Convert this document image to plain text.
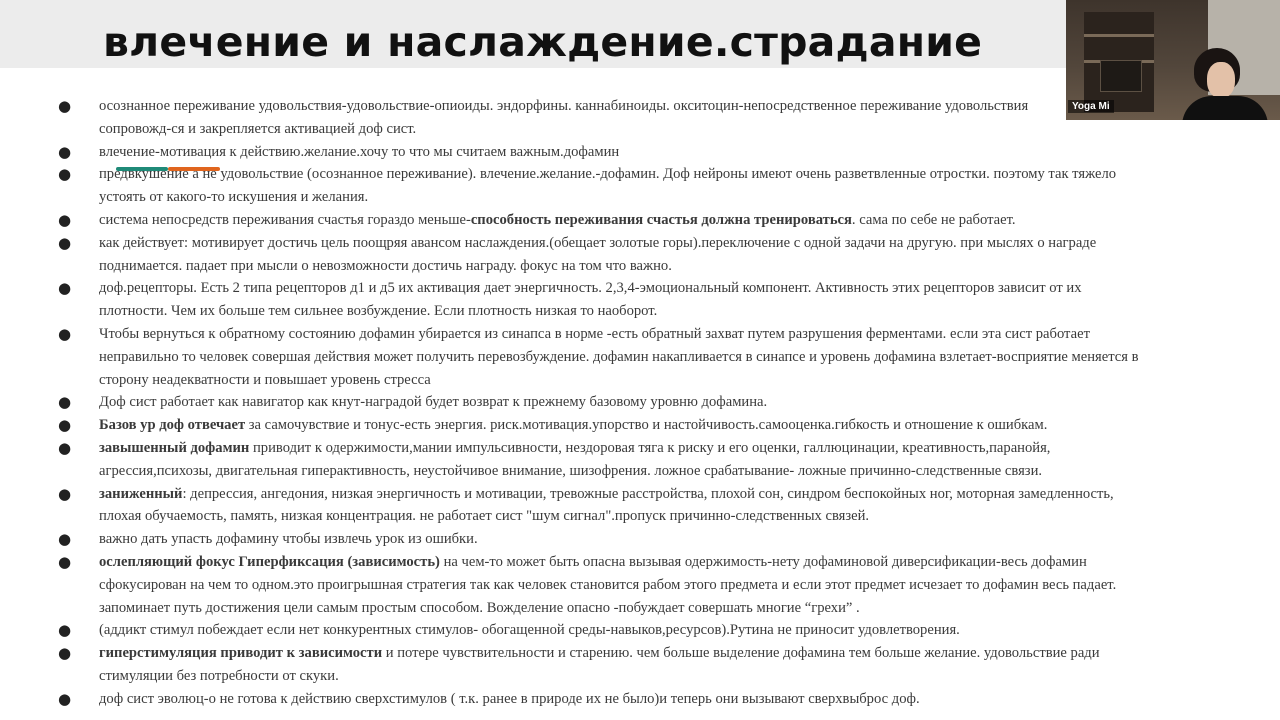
влечение и наслаждение.страдание
● осознанное переживание удовольствия-удовольствие-опиоиды. эндорфины. каннабиноиды. окситоцин-непосредственное переживание удовольствия
сопровожд-ся и закрепляется активацией доф сист.
● влечение-мотивация к действию.желание.хочу то что мы считаем важным.дофамин
● предвкушение а не удовольствие (осознанное переживание). влечение.желание.-дофамин. Доф нейроны имеют очень разветвленные отростки. поэтому так тяжело
устоять от какого-то искушения и желания.
● система непосредств переживания счастья гораздо меньше-способность переживания счастья должна тренироваться. сама по себе не работает.
● как действует: мотивирует достичь цель поощряя авансом наслаждения.(обещает золотые горы).переключение с одной задачи на другую. при мыслях о награде
поднимается. падает при мысли о невозможности достичь награду. фокус на том что важно.
● доф.рецепторы. Есть 2 типа рецепторов д1 и д5 их активация дает энергичность. 2,3,4-эмоциональный компонент. Активность этих рецепторов зависит от их
плотности. Чем их больше тем сильнее возбуждение. Если плотность низкая то наоборот.
● Чтобы вернуться к обратному состоянию дофамин убирается из синапса в норме -есть обратный захват путем разрушения ферментами. если эта сист работает
неправильно то человек совершая действия может получить перевозбуждение. дофамин накапливается в синапсе и уровень дофамина взлетает-восприятие меняется в
сторону неадекватности и повышает уровень стресса
● Доф сист работает как навигатор как кнут-наградой будет возврат к прежнему базовому уровню дофамина.
● Базов ур доф отвечает за самочувствие и тонус-есть энергия. риск.мотивация.упорство и настойчивость.самооценка.гибкость и отношение к ошибкам.
● завышенный дофамин приводит к одержимости,мании импульсивности, нездоровая тяга к риску и его оценки, галлюцинации, креативность,паранойя,
агрессия,психозы, двигательная гиперактивность, неустойчивое внимание, шизофрения. ложное срабатывание- ложные причинно-следственные связи.
● заниженный: депрессия, ангедония, низкая энергичность и мотивации, тревожные расстройства, плохой сон, синдром беспокойных ног, моторная замедленность,
плохая обучаемость, память, низкая концентрация. не работает сист "шум сигнал".пропуск причинно-следственных связей.
● важно дать упасть дофамину чтобы извлечь урок из ошибки.
● ослепляющий фокус Гиперфиксация (зависимость) на чем-то может быть опасна вызывая одержимость-нету дофаминовой диверсификации-весь дофамин
сфокусирован на чем то одном.это проигрышная стратегия так как человек становится рабом этого предмета и если этот предмет исчезает то дофамин весь падает.
запоминает путь достижения цели самым простым способом. Вожделение опасно -побуждает совершать многие “грехи” .
● (аддикт стимул побеждает если нет конкурентных стимулов- обогащенной среды-навыков,ресурсов).Рутина не приносит удовлетворения.
● гиперстимуляция приводит к зависимости и потере чувствительности и старению. чем больше выделение дофамина тем больше желание. удовольствие ради
стимуляции без потребности от скуки.
● доф сист эволюц-о не готова к действию сверхстимулов ( т.к. ранее в природе их не было)и теперь они вызывают сверхвыброс доф.
Yoga Mi
